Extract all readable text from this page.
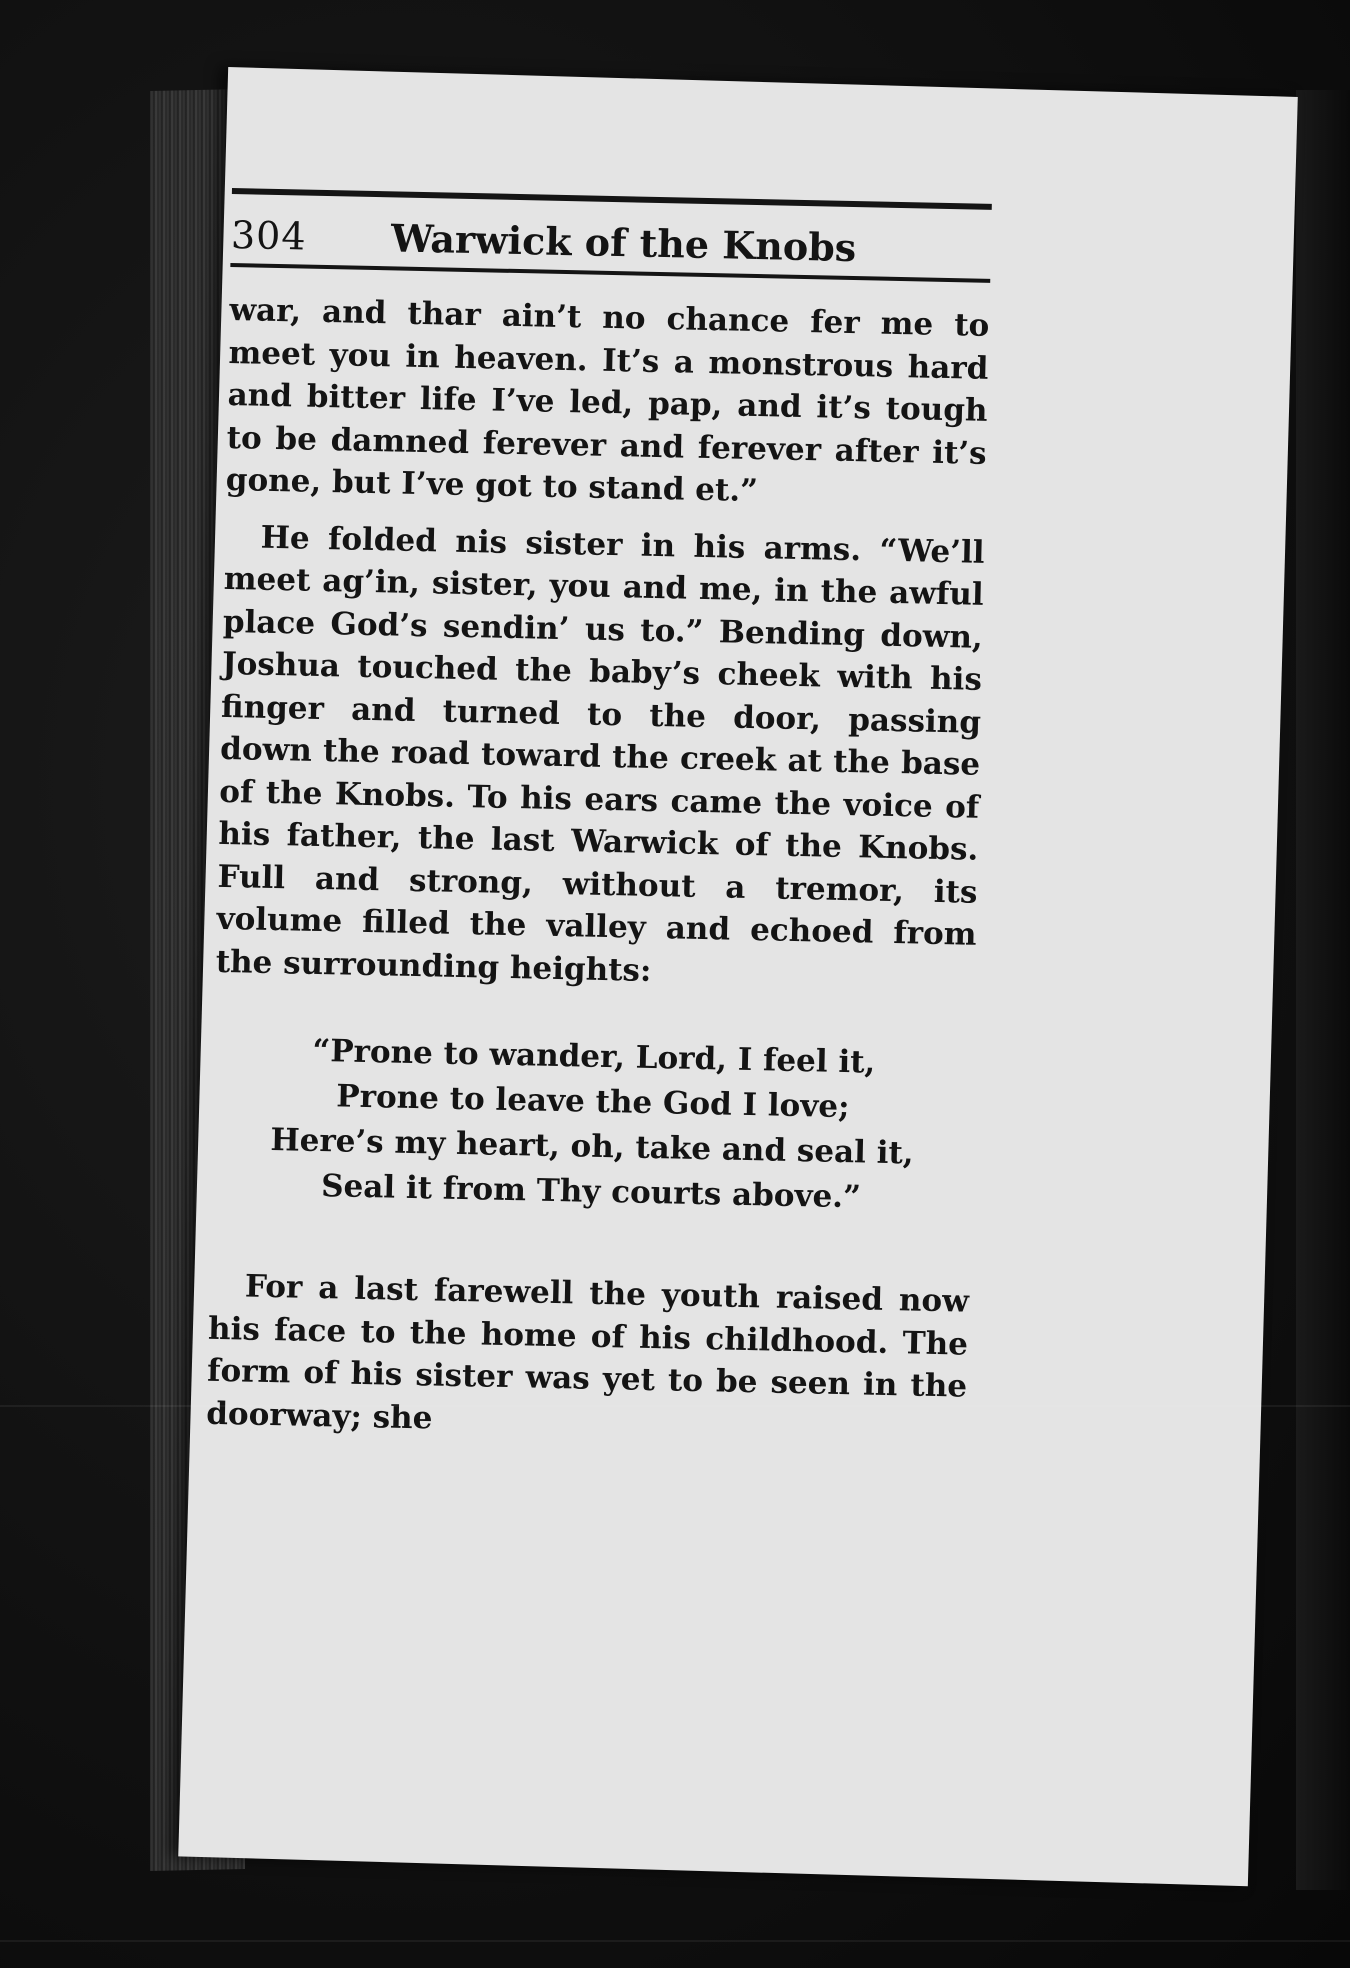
304	Warwick of the Knobs

war, and thar ain’t no chance fer me to meet you in heaven. It’s a monstrous hard and bitter life I’ve led, pap, and it’s tough to be damned ferever and ferever after it’s gone, but I’ve got to stand et.”

He folded nis sister in his arms. “We’ll meet ag’in, sister, you and me, in the awful place God’s sendin’ us to.” Bending down, Joshua touched the baby’s cheek with his finger and turned to the door, passing down the road toward the creek at the base of the Knobs. To his ears came the voice of his father, the last Warwick of the Knobs. Full and strong, without a tremor, its volume filled the valley and echoed from the surrounding heights:

“Prone to wander, Lord, I feel it,
Prone to leave the God I love;
Here’s my heart, oh, take and seal it,
Seal it from Thy courts above.”

For a last farewell the youth raised now his face to the home of his childhood. The form of his sister was yet to be seen in the doorway; she
